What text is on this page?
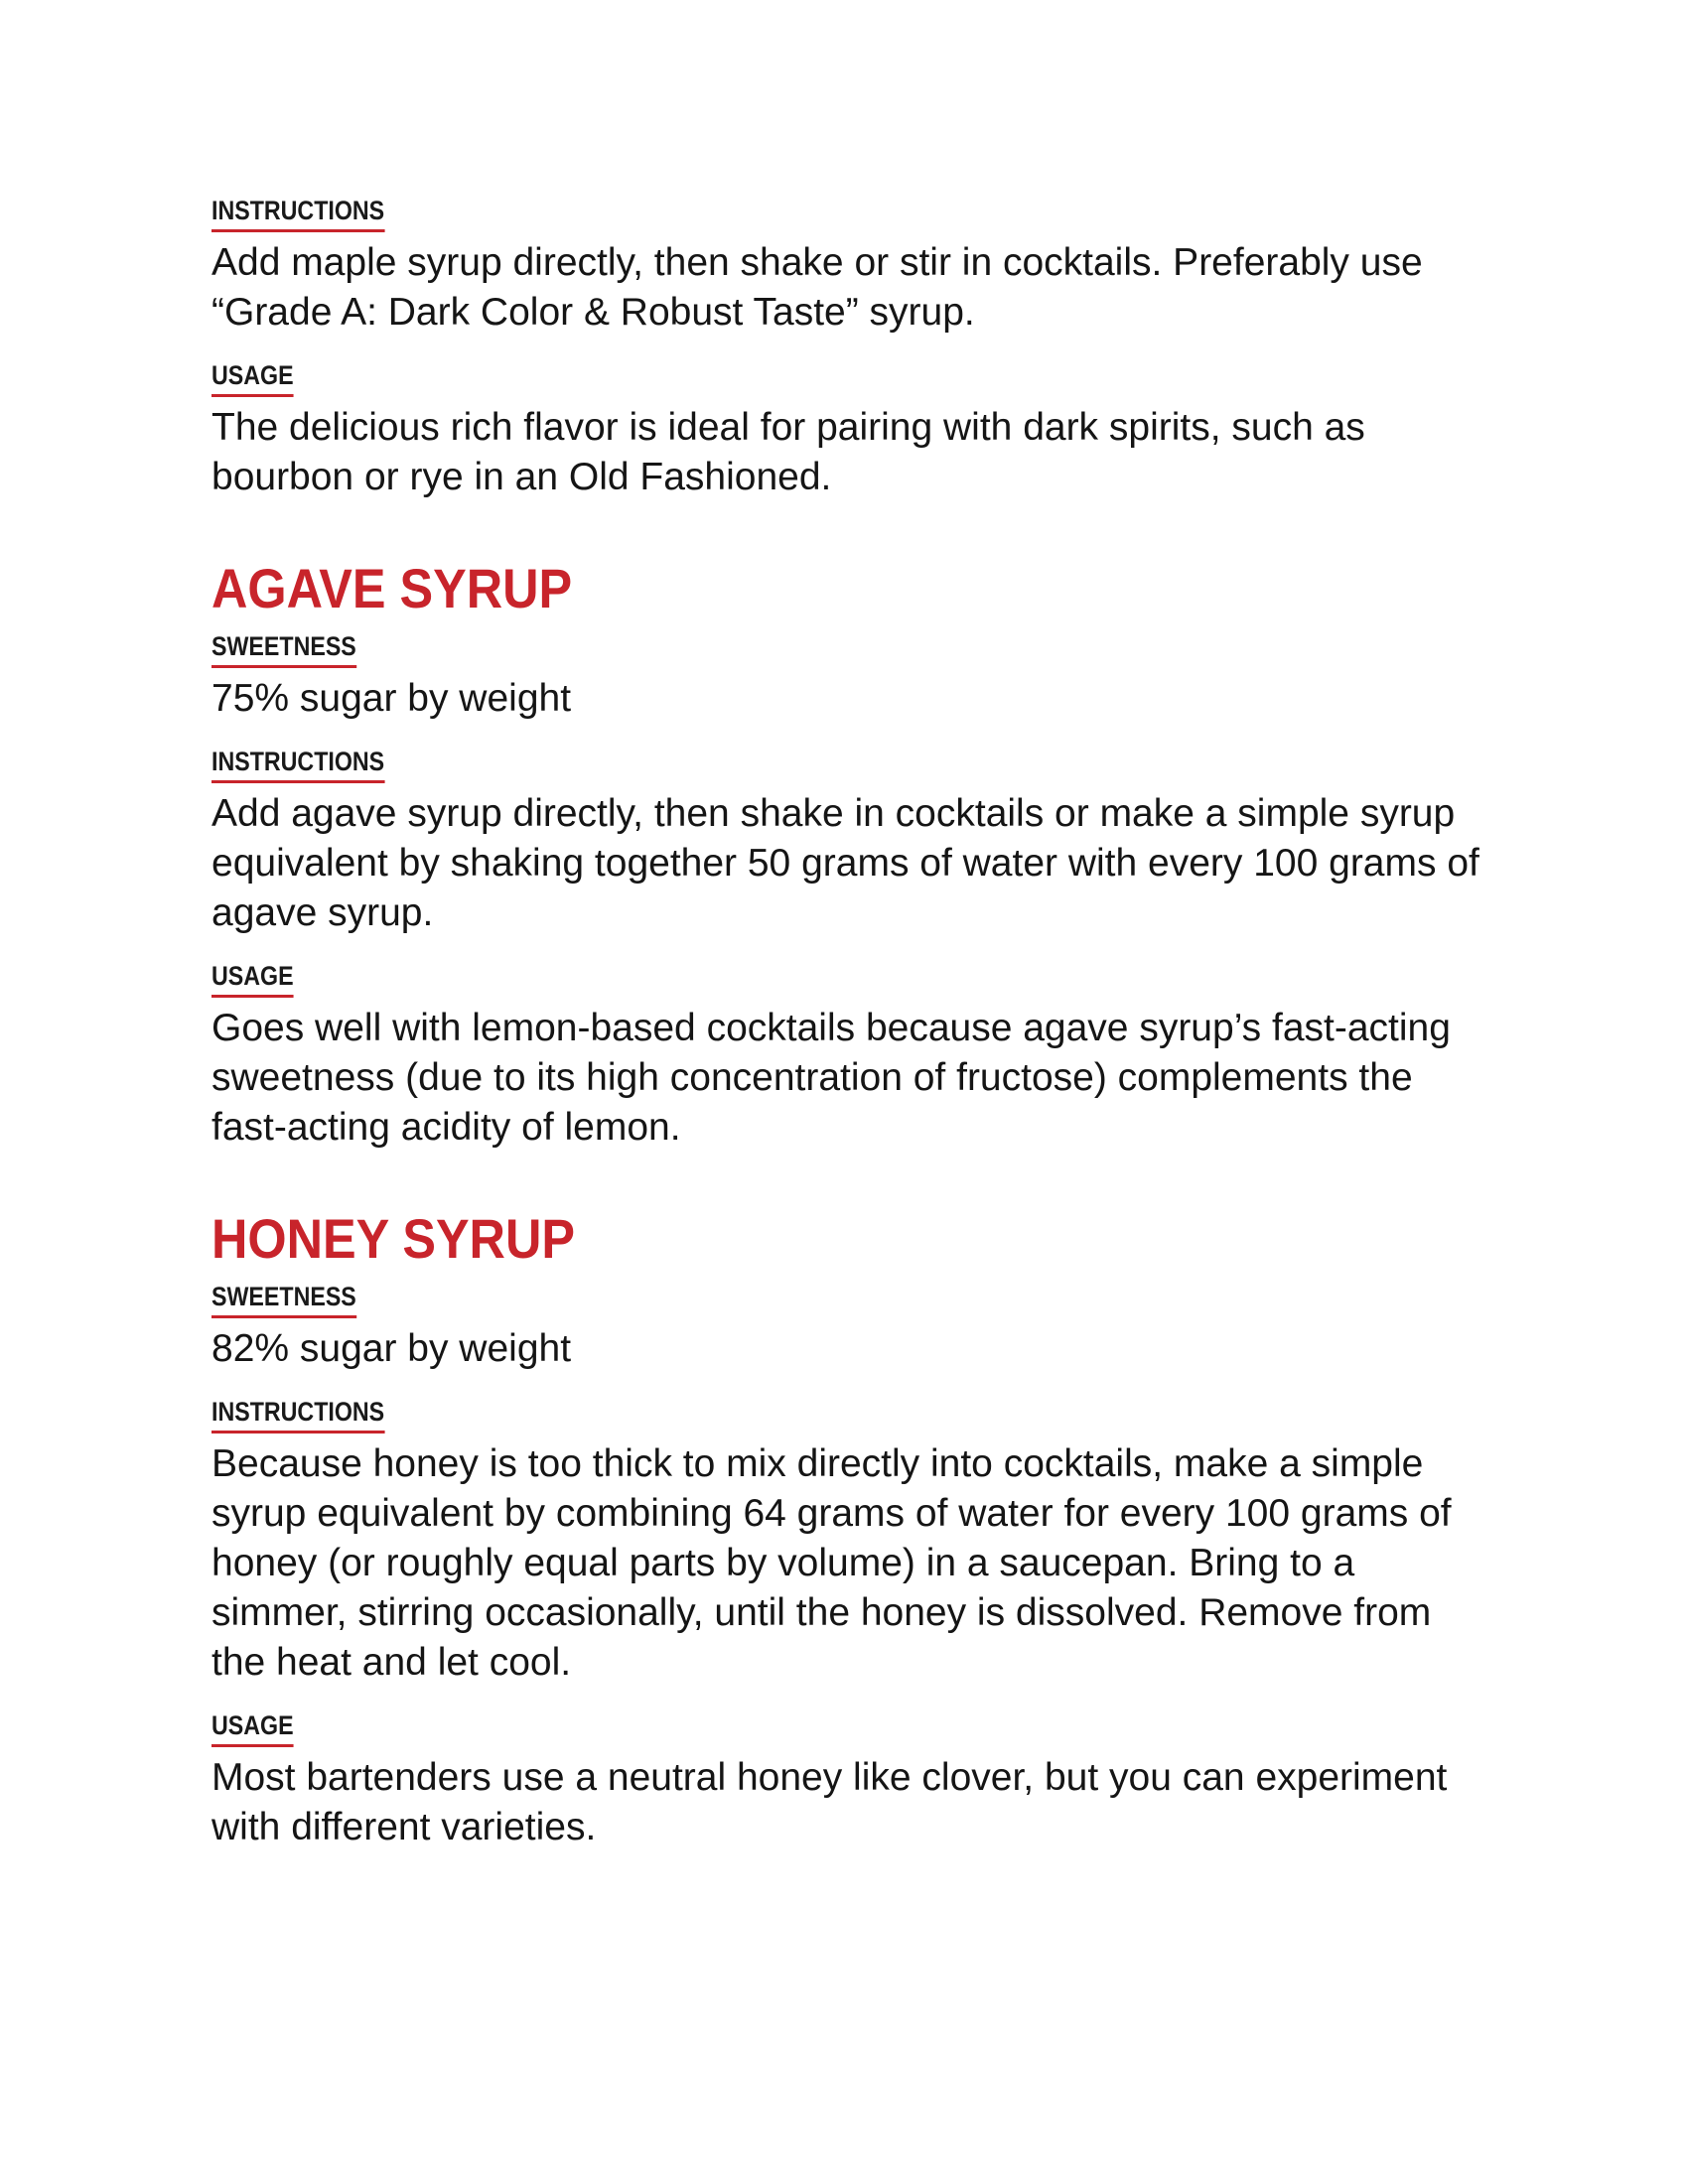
INSTRUCTIONS
Add maple syrup directly, then shake or stir in cocktails. Preferably use “Grade A: Dark Color & Robust Taste” syrup.
USAGE
The delicious rich flavor is ideal for pairing with dark spirits, such as bourbon or rye in an Old Fashioned.
AGAVE SYRUP
SWEETNESS
75% sugar by weight
INSTRUCTIONS
Add agave syrup directly, then shake in cocktails or make a simple syrup equivalent by shaking together 50 grams of water with every 100 grams of agave syrup.
USAGE
Goes well with lemon-based cocktails because agave syrup’s fast-acting sweetness (due to its high concentration of fructose) complements the fast-acting acidity of lemon.
HONEY SYRUP
SWEETNESS
82% sugar by weight
INSTRUCTIONS
Because honey is too thick to mix directly into cocktails, make a simple syrup equivalent by combining 64 grams of water for every 100 grams of honey (or roughly equal parts by volume) in a saucepan. Bring to a simmer, stirring occasionally, until the honey is dissolved. Remove from the heat and let cool.
USAGE
Most bartenders use a neutral honey like clover, but you can experiment with different varieties.
